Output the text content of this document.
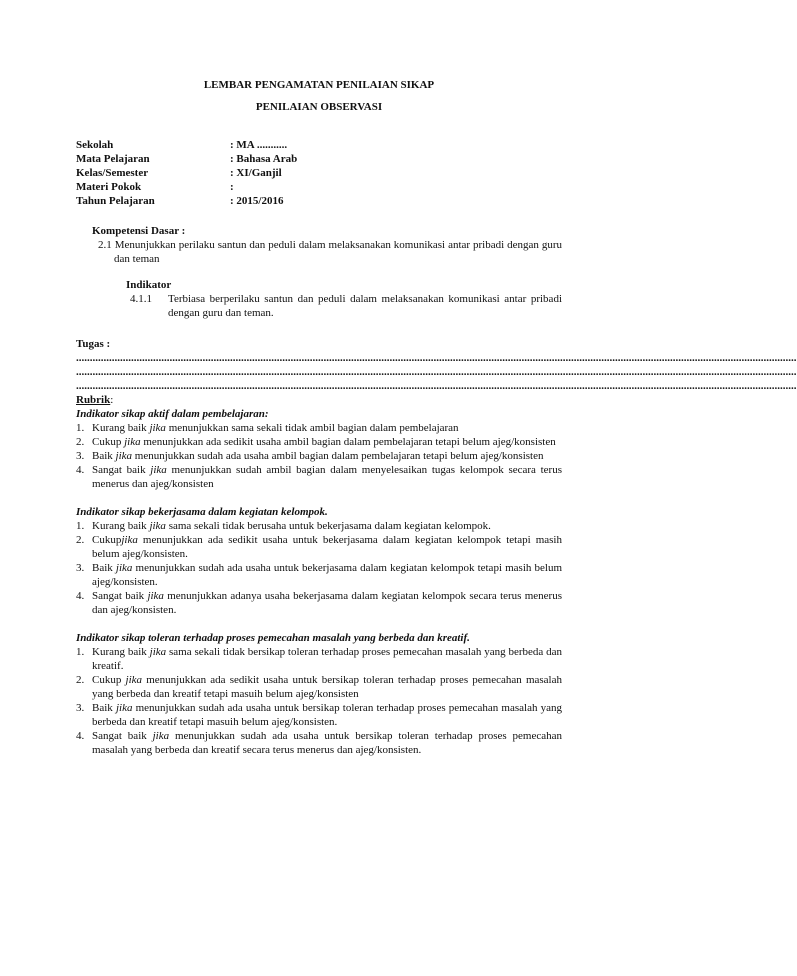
LEMBAR PENGAMATAN PENILAIAN SIKAP
PENILAIAN OBSERVASI
Sekolah	: MA ...........
Mata Pelajaran	: Bahasa Arab
Kelas/Semester	: XI/Ganjil
Materi Pokok	:
Tahun Pelajaran	: 2015/2016
Kompetensi Dasar :
2.1 Menunjukkan perilaku santun dan peduli dalam melaksanakan komunikasi antar pribadi dengan guru dan teman
Indikator
4.1.1	Terbiasa berperilaku santun dan peduli dalam melaksanakan komunikasi antar pribadi dengan guru dan teman.
Tugas :
......................................................................................................................................................................................................................................................................
......................................................................................................................................................................................................................................................................
......................................................................................................................................................................................................................................................................
Rubrik:
Indikator sikap aktif dalam pembelajaran:
1. Kurang baik jika menunjukkan sama sekali tidak ambil bagian dalam pembelajaran
2. Cukup jika menunjukkan ada sedikit usaha ambil bagian dalam pembelajaran tetapi belum ajeg/konsisten
3. Baik jika menunjukkan sudah ada usaha ambil bagian dalam pembelajaran tetapi belum ajeg/konsisten
4. Sangat baik jika menunjukkan sudah ambil bagian dalam menyelesaikan tugas kelompok secara terus menerus dan ajeg/konsisten
Indikator sikap bekerjasama dalam kegiatan kelompok.
1. Kurang baik jika sama sekali tidak berusaha untuk bekerjasama dalam kegiatan kelompok.
2. Cukupjika menunjukkan ada sedikit usaha untuk bekerjasama dalam kegiatan kelompok tetapi masih belum ajeg/konsisten.
3. Baik jika menunjukkan sudah ada usaha untuk bekerjasama dalam kegiatan kelompok tetapi masih belum ajeg/konsisten.
4. Sangat baik jika menunjukkan adanya usaha bekerjasama dalam kegiatan kelompok secara terus menerus dan ajeg/konsisten.
Indikator sikap toleran terhadap proses pemecahan masalah yang berbeda dan kreatif.
1. Kurang baik jika sama sekali tidak bersikap toleran terhadap proses pemecahan masalah yang berbeda dan kreatif.
2. Cukup jika menunjukkan ada sedikit usaha untuk bersikap toleran terhadap proses pemecahan masalah yang berbeda dan kreatif tetapi masuih belum ajeg/konsisten
3. Baik jika menunjukkan sudah ada usaha untuk bersikap toleran terhadap proses pemecahan masalah yang berbeda dan kreatif tetapi masuih belum ajeg/konsisten.
4. Sangat baik jika menunjukkan sudah ada usaha untuk bersikap toleran terhadap proses pemecahan masalah yang berbeda dan kreatif secara terus menerus dan ajeg/konsisten.
